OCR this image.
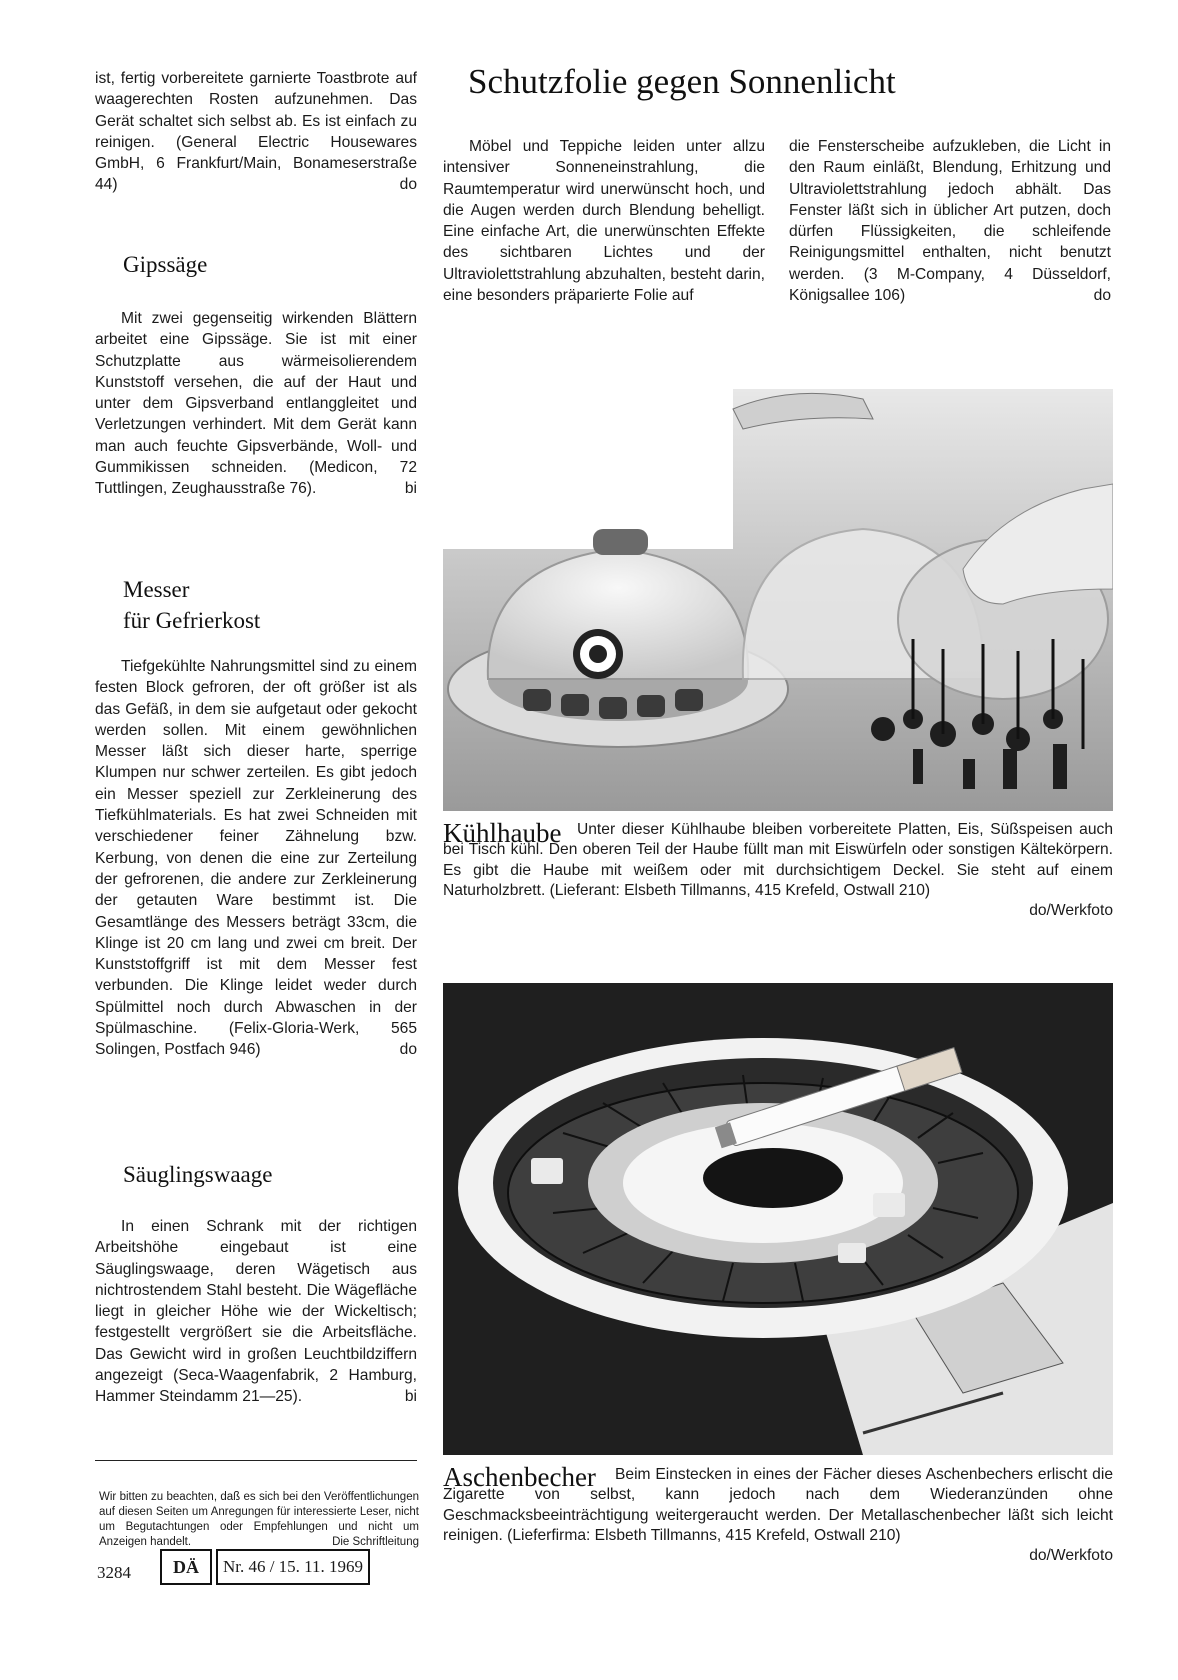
ist, fertig vorbereitete garnierte Toastbrote auf waagerechten Rosten aufzunehmen. Das Gerät schaltet sich selbst ab. Es ist einfach zu reinigen. (General Electric Housewares GmbH, 6 Frankfurt/Main, Bonameserstraße 44)	do

Gipssäge

Mit zwei gegenseitig wirkenden Blättern arbeitet eine Gipssäge. Sie ist mit einer Schutzplatte aus wärmeisolierendem Kunststoff versehen, die auf der Haut und unter dem Gipsverband entlanggleitet und Verletzungen verhindert. Mit dem Gerät kann man auch feuchte Gipsverbände, Woll- und Gummikissen schneiden. (Medicon, 72 Tuttlingen, Zeughausstraße 76).	bi

Messer
für Gefrierkost

Tiefgekühlte Nahrungsmittel sind zu einem festen Block gefroren, der oft größer ist als das Gefäß, in dem sie aufgetaut oder gekocht werden sollen. Mit einem gewöhnlichen Messer läßt sich dieser harte, sperrige Klumpen nur schwer zerteilen. Es gibt jedoch ein Messer speziell zur Zerkleinerung des Tiefkühlmaterials. Es hat zwei Schneiden mit verschiedener feiner Zähnelung bzw. Kerbung, von denen die eine zur Zerteilung der gefrorenen, die andere zur Zerkleinerung der getauten Ware bestimmt ist. Die Gesamtlänge des Messers beträgt 33cm, die Klinge ist 20 cm lang und zwei cm breit. Der Kunststoffgriff ist mit dem Messer fest verbunden. Die Klinge leidet weder durch Spülmittel noch durch Abwaschen in der Spülmaschine. (Felix-Gloria-Werk, 565 Solingen, Postfach 946)	do

Säuglingswaage

In einen Schrank mit der richtigen Arbeitshöhe eingebaut ist eine Säuglingswaage, deren Wägetisch aus nichtrostendem Stahl besteht. Die Wägefläche liegt in gleicher Höhe wie der Wickeltisch; festgestellt vergrößert sie die Arbeitsfläche. Das Gewicht wird in großen Leuchtbildziffern angezeigt (Seca-Waagenfabrik, 2 Hamburg, Hammer Steindamm 21—25).	bi

Wir bitten zu beachten, daß es sich bei den Veröffentlichungen auf diesen Seiten um Anregungen für interessierte Leser, nicht um Begutachtungen oder Empfehlungen und nicht um Anzeigen handelt.	Die Schriftleitung
3284	DÄ	Nr. 46 / 15. 11. 1969
Schutzfolie gegen Sonnenlicht

Möbel und Teppiche leiden unter allzu intensiver Sonneneinstrahlung, die Raumtemperatur wird unerwünscht hoch, und die Augen werden durch Blendung behelligt. Eine einfache Art, die unerwünschten Effekte des sichtbaren Lichtes und der Ultraviolettstrahlung abzuhalten, besteht darin, eine besonders präparierte Folie auf

die Fensterscheibe aufzukleben, die Licht in den Raum einläßt, Blendung, Erhitzung und Ultraviolettstrahlung jedoch abhält. Das Fenster läßt sich in üblicher Art putzen, doch dürfen Flüssigkeiten, die schleifende Reinigungsmittel enthalten, nicht benutzt werden. (3 M-Company, 4 Düsseldorf, Königsallee 106)	do

Kühlhaube Unter dieser Kühlhaube bleiben vorbereitete Platten, Eis, Süßspeisen auch bei Tisch kühl. Den oberen Teil der Haube füllt man mit Eiswürfeln oder sonstigen Kältekörpern. Es gibt die Haube mit weißem oder mit durchsichtigem Deckel. Sie steht auf einem Naturholzbrett. (Lieferant: Elsbeth Tillmanns, 415 Krefeld, Ostwall 210)
do/Werkfoto

Aschenbecher	Beim Einstecken in eines der Fächer dieses Aschenbechers erlischt die Zigarette von selbst, kann jedoch nach dem Wiederanzünden ohne Geschmacksbeeinträchtigung weitergeraucht werden. Der Metallaschenbecher läßt sich leicht reinigen. (Lieferfirma: Elsbeth Tillmanns, 415 Krefeld, Ostwall 210)
do/Werkfoto
